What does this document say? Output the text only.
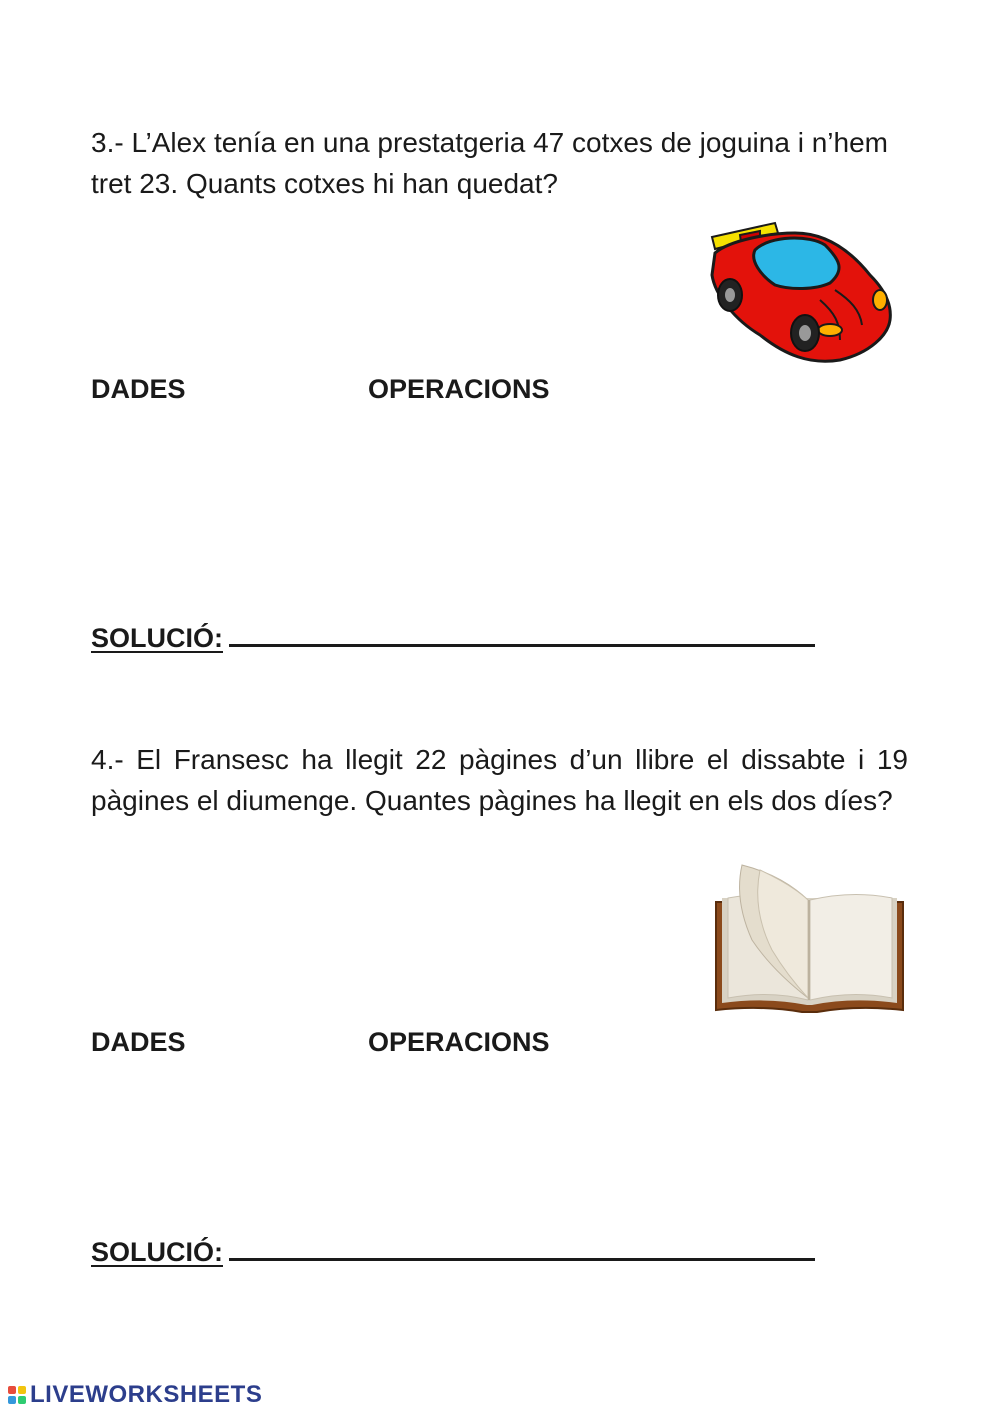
3.- L’Alex tenía en una prestatgeria 47 cotxes de joguina i n’hem tret 23. Quants cotxes hi han quedat?
DADES	OPERACIONS
SOLUCIÓ:
4.- El Fransesc ha llegit 22 pàgines d’un llibre el dissabte i 19 pàgines el diumenge. Quantes pàgines ha llegit en els dos díes?
DADES	OPERACIONS
SOLUCIÓ:
LIVEWORKSHEETS
